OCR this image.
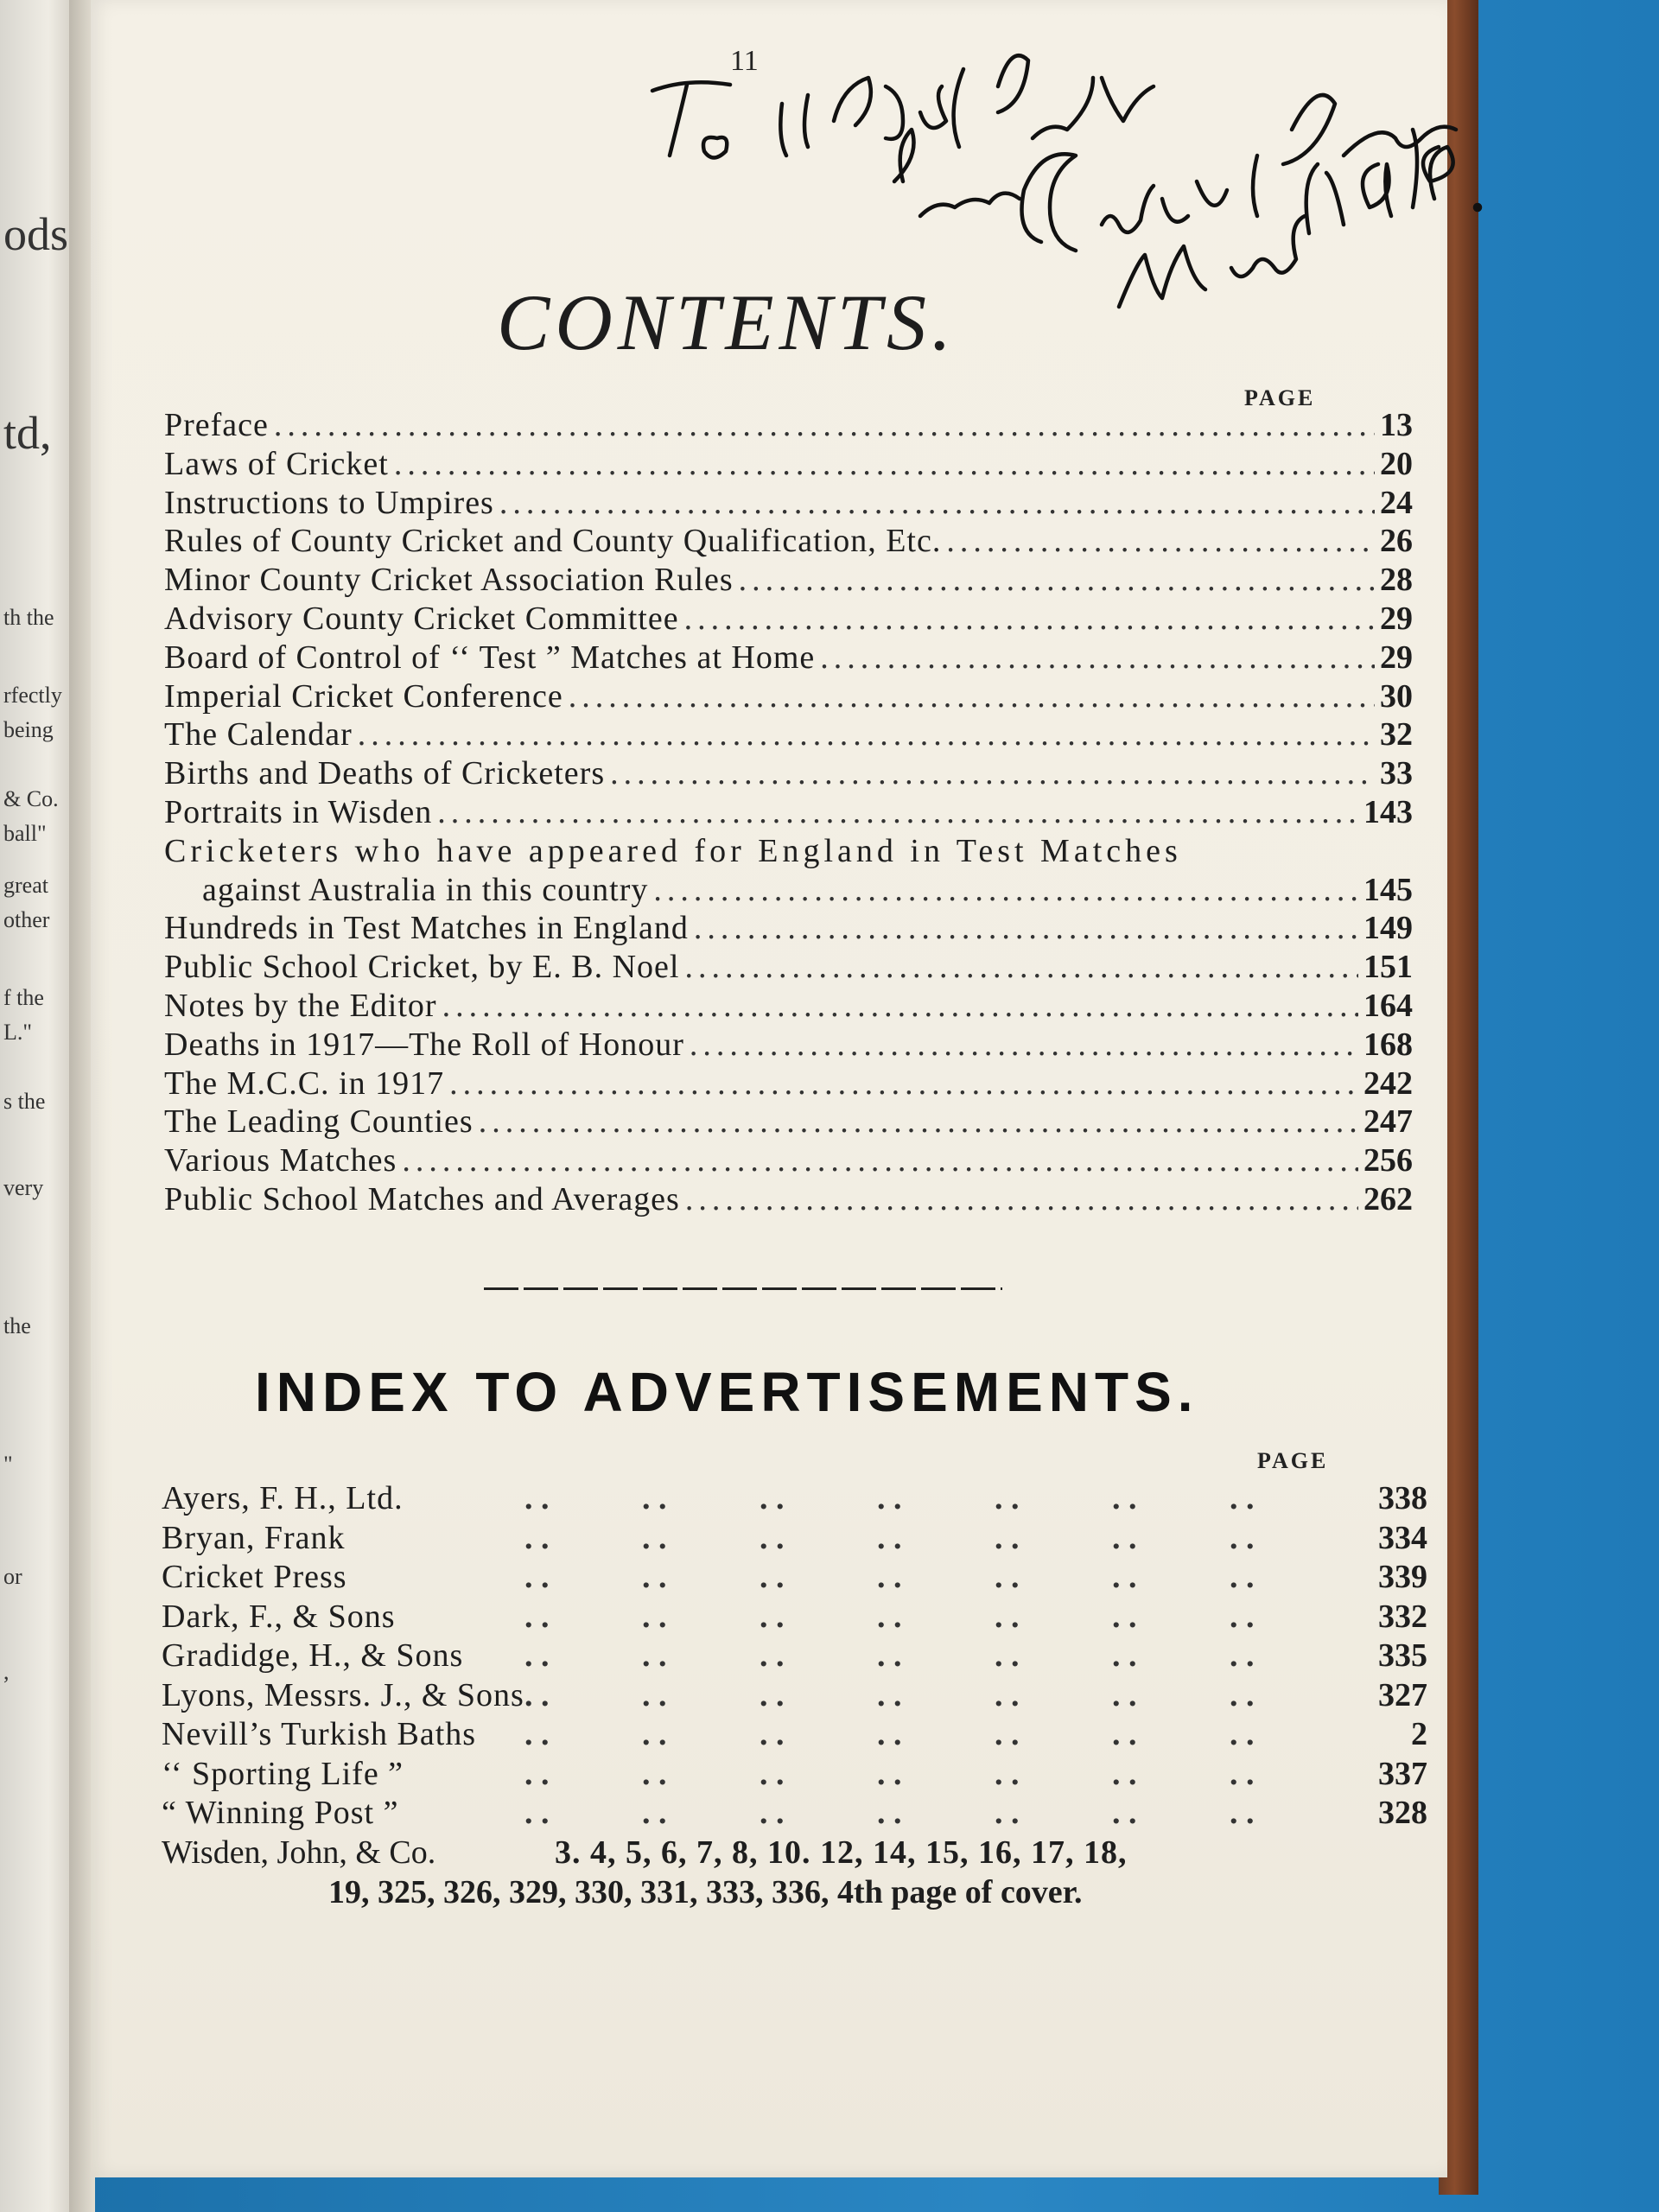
ods
td,
th the
rfectly
being
& Co.
ball"
great
other
f the
L."
s the
very
the
"
or
,
11
CONTENTS.
PAGE
Preface .....	13
Laws of Cricket .....	20
Instructions to Umpires .....	24
Rules of County Cricket and County Qualification, Etc. .....	26
Minor County Cricket Association Rules .....	28
Advisory County Cricket Committee .....	29
Board of Control of ‘‘ Test ” Matches at Home .....	29
Imperial Cricket Conference .....	30
The Calendar .....	32
Births and Deaths of Cricketers .....	33
Portraits in Wisden .....	143
Cricketers who have appeared for England in Test Matches
against Australia in this country .....	145
Hundreds in Test Matches in England .....	149
Public School Cricket, by E. B. Noel .....	151
Notes by the Editor .....	164
Deaths in 1917—The Roll of Honour .....	168
The M.C.C. in 1917 .....	242
The Leading Counties .....	247
Various Matches .....	256
Public School Matches and Averages .....	262
INDEX TO ADVERTISEMENTS.
PAGE
Ayers, F. H., Ltd.	. .	. .	. .	. .	. .	. .	. .	338
Bryan, Frank	. .	. .	. .	. .	. .	. .	. .	334
Cricket Press	. .	. .	. .	. .	. .	. .	. .	339
Dark, F., & Sons	. .	. .	. .	. .	. .	. .	. .	332
Gradidge, H., & Sons . .	. .	. .	. .	. .	. .	. .	335
Lyons, Messrs. J., & Sons . .	. .	. .	. .	. .	. .	. .	327
Nevill’s Turkish Baths . .	. .	. .	. .	. .	. .	. .	2
‘‘ Sporting Life ”	. .	. .	. .	. .	. .	. .	. .	337
“ Winning Post ”	. .	. .	. .	. .	. .	. .	. .	328
Wisden, John, & Co.	3. 4, 5, 6, 7, 8, 10. 12, 14, 15, 16, 17, 18,
19, 325, 326, 329, 330, 331, 333, 336, 4th page of cover.
